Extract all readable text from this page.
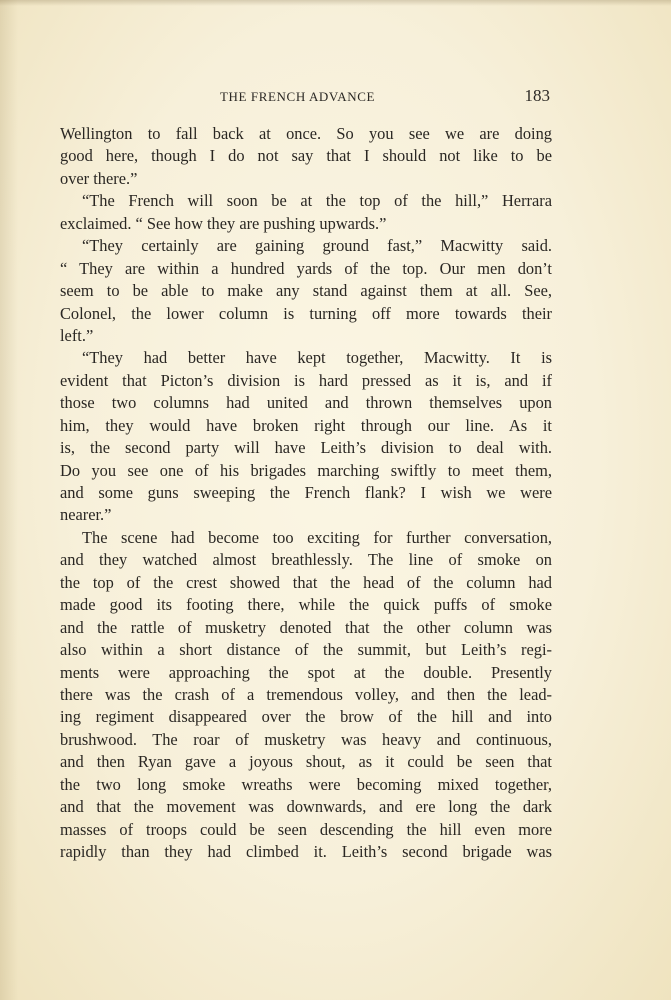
THE FRENCH ADVANCE	183
Wellington to fall back at once. So you see we are doing
good here, though I do not say that I should not like to be
over there.”
“The French will soon be at the top of the hill,” Herrara
exclaimed. “ See how they are pushing upwards.”
“They certainly are gaining ground fast,” Macwitty said.
“ They are within a hundred yards of the top. Our men don’t
seem to be able to make any stand against them at all. See,
Colonel, the lower column is turning off more towards their
left.”
“They had better have kept together, Macwitty. It is
evident that Picton’s division is hard pressed as it is, and if
those two columns had united and thrown themselves upon
him, they would have broken right through our line. As it
is, the second party will have Leith’s division to deal with.
Do you see one of his brigades marching swiftly to meet them,
and some guns sweeping the French flank? I wish we were
nearer.”
The scene had become too exciting for further conversation,
and they watched almost breathlessly. The line of smoke on
the top of the crest showed that the head of the column had
made good its footing there, while the quick puffs of smoke
and the rattle of musketry denoted that the other column was
also within a short distance of the summit, but Leith’s regi-
ments were approaching the spot at the double. Presently
there was the crash of a tremendous volley, and then the lead-
ing regiment disappeared over the brow of the hill and into
brushwood. The roar of musketry was heavy and continuous,
and then Ryan gave a joyous shout, as it could be seen that
the two long smoke wreaths were becoming mixed together,
and that the movement was downwards, and ere long the dark
masses of troops could be seen descending the hill even more
rapidly than they had climbed it. Leith’s second brigade was
